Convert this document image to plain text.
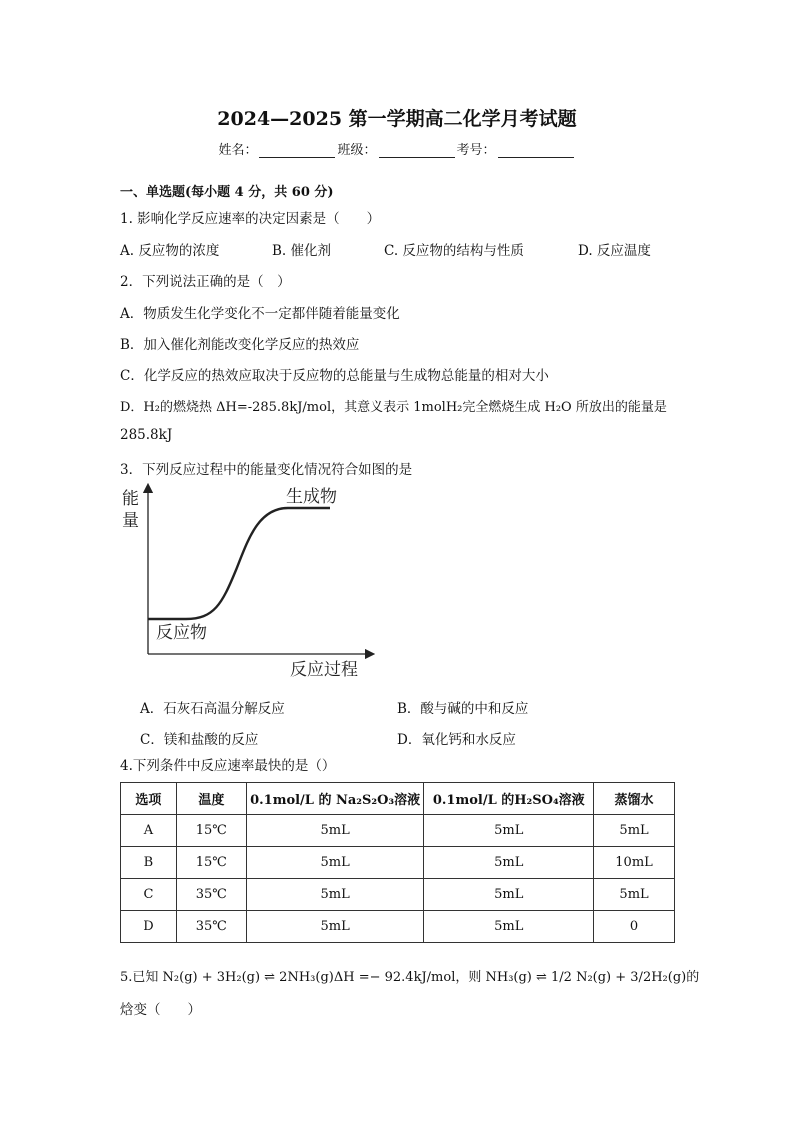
2024—2025 第一学期高二化学月考试题
姓名：	班级：	考号：
一、单选题(每小题 4 分，共 60 分)
1. 影响化学反应速率的决定因素是（　　）
A. 反应物的浓度	B. 催化剂	C. 反应物的结构与性质	D. 反应温度
2．下列说法正确的是（　）
A．物质发生化学变化不一定都伴随着能量变化
B．加入催化剂能改变化学反应的热效应
C．化学反应的热效应取决于反应物的总能量与生成物总能量的相对大小
D．H₂的燃烧热 ΔH=-285.8kJ/mol，其意义表示 1molH₂完全燃烧生成 H₂O 所放出的能量是
285.8kJ
3．下列反应过程中的能量变化情况符合如图的是
能
量
生成物
反应物
反应过程
A．石灰石高温分解反应	B．酸与碱的中和反应
C．镁和盐酸的反应	D．氧化钙和水反应
4.下列条件中反应速率最快的是（）
选项	温度	0.1mol/L 的 Na₂S₂O₃溶液	0.1mol/L 的H₂SO₄溶液	蒸馏水
A	15℃	5mL	5mL	5mL
B	15℃	5mL	5mL	10mL
C	35℃	5mL	5mL	5mL
D	35℃	5mL	5mL	0
5.已知 N₂(g) + 3H₂(g) ⇌ 2NH₃(g)ΔH =− 92.4kJ/mol，则 NH₃(g) ⇌ 1/2 N₂(g) + 3/2H₂(g)的
焓变（　　）
